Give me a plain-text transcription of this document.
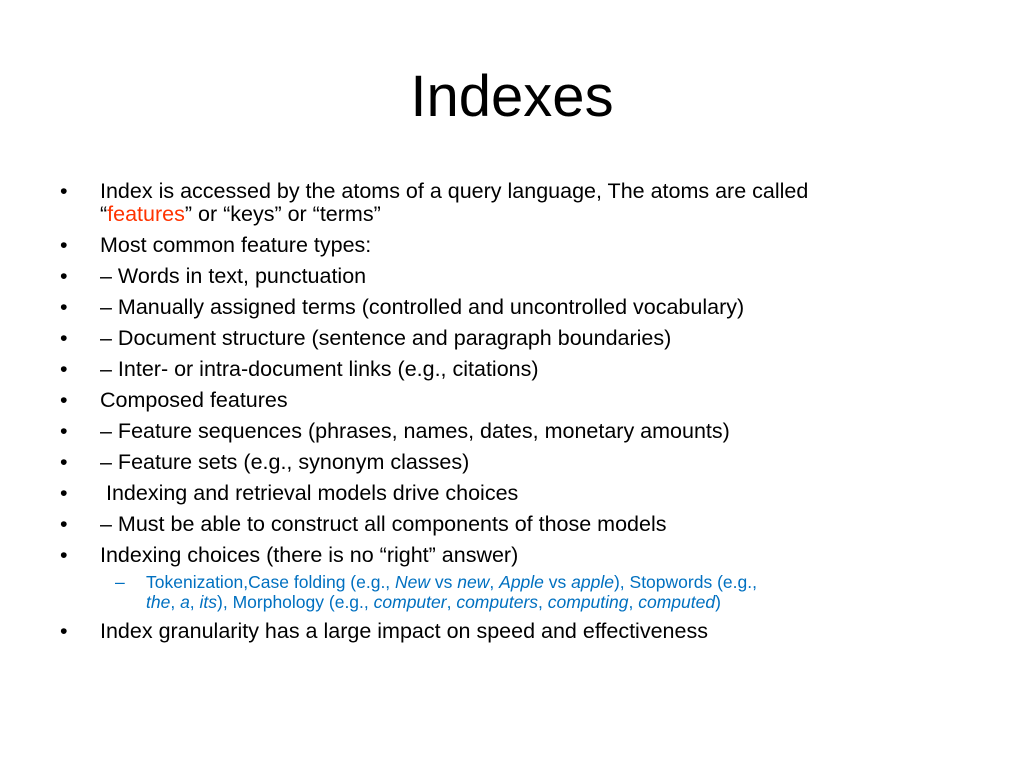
Indexes
•	Index is accessed by the atoms of a query language, The atoms are called
“features” or “keys” or “terms”
•	Most common feature types:
•	– Words in text, punctuation
•	– Manually assigned terms (controlled and uncontrolled vocabulary)
•	– Document structure (sentence and paragraph boundaries)
•	– Inter- or intra-document links (e.g., citations)
•	Composed features
•	– Feature sequences (phrases, names, dates, monetary amounts)
•	– Feature sets (e.g., synonym classes)
•	Indexing and retrieval models drive choices
•	– Must be able to construct all components of those models
•	Indexing choices (there is no “right” answer)
– Tokenization,Case folding (e.g., New vs new, Apple vs apple), Stopwords (e.g.,
the, a, its), Morphology (e.g., computer, computers, computing, computed)
•	Index granularity has a large impact on speed and effectiveness
